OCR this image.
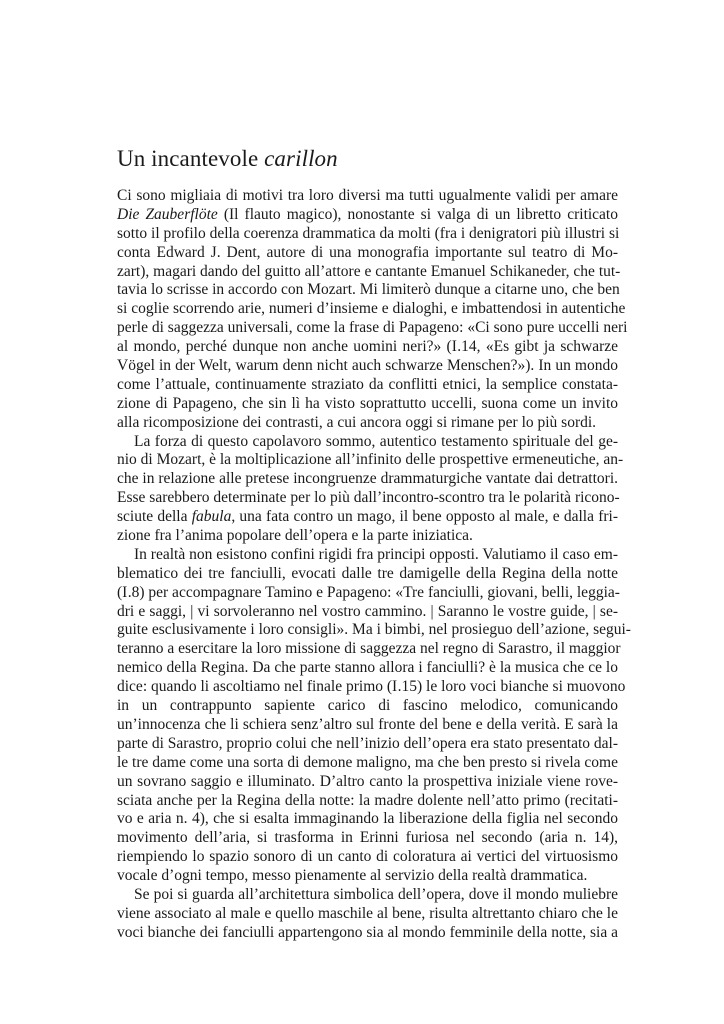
Un incantevole carillon
Ci sono migliaia di motivi tra loro diversi ma tutti ugualmente validi per amare
Die Zauberflöte (Il flauto magico), nonostante si valga di un libretto criticato
sotto il profilo della coerenza drammatica da molti (fra i denigratori più illustri si
conta Edward J. Dent, autore di una monografia importante sul teatro di Mo-
zart), magari dando del guitto all’attore e cantante Emanuel Schikaneder, che tut-
tavia lo scrisse in accordo con Mozart. Mi limiterò dunque a citarne uno, che ben
si coglie scorrendo arie, numeri d’insieme e dialoghi, e imbattendosi in autentiche
perle di saggezza universali, come la frase di Papageno: «Ci sono pure uccelli neri
al mondo, perché dunque non anche uomini neri?» (I.14, «Es gibt ja schwarze
Vögel in der Welt, warum denn nicht auch schwarze Menschen?»). In un mondo
come l’attuale, continuamente straziato da conflitti etnici, la semplice constata-
zione di Papageno, che sin lì ha visto soprattutto uccelli, suona come un invito
alla ricomposizione dei contrasti, a cui ancora oggi si rimane per lo più sordi.
La forza di questo capolavoro sommo, autentico testamento spirituale del ge-
nio di Mozart, è la moltiplicazione all’infinito delle prospettive ermeneutiche, an-
che in relazione alle pretese incongruenze drammaturgiche vantate dai detrattori.
Esse sarebbero determinate per lo più dall’incontro-scontro tra le polarità ricono-
sciute della fabula, una fata contro un mago, il bene opposto al male, e dalla fri-
zione fra l’anima popolare dell’opera e la parte iniziatica.
In realtà non esistono confini rigidi fra principi opposti. Valutiamo il caso em-
blematico dei tre fanciulli, evocati dalle tre damigelle della Regina della notte
(I.8) per accompagnare Tamino e Papageno: «Tre fanciulli, giovani, belli, leggia-
dri e saggi, | vi sorvoleranno nel vostro cammino. | Saranno le vostre guide, | se-
guite esclusivamente i loro consigli». Ma i bimbi, nel prosieguo dell’azione, segui-
teranno a esercitare la loro missione di saggezza nel regno di Sarastro, il maggior
nemico della Regina. Da che parte stanno allora i fanciulli? è la musica che ce lo
dice: quando li ascoltiamo nel finale primo (I.15) le loro voci bianche si muovono
in un contrappunto sapiente carico di fascino melodico, comunicando
un’innocenza che li schiera senz’altro sul fronte del bene e della verità. E sarà la
parte di Sarastro, proprio colui che nell’inizio dell’opera era stato presentato dal-
le tre dame come una sorta di demone maligno, ma che ben presto si rivela come
un sovrano saggio e illuminato. D’altro canto la prospettiva iniziale viene rove-
sciata anche per la Regina della notte: la madre dolente nell’atto primo (recitati-
vo e aria n. 4), che si esalta immaginando la liberazione della figlia nel secondo
movimento dell’aria, si trasforma in Erinni furiosa nel secondo (aria n. 14),
riempiendo lo spazio sonoro di un canto di coloratura ai vertici del virtuosismo
vocale d’ogni tempo, messo pienamente al servizio della realtà drammatica.
Se poi si guarda all’architettura simbolica dell’opera, dove il mondo muliebre
viene associato al male e quello maschile al bene, risulta altrettanto chiaro che le
voci bianche dei fanciulli appartengono sia al mondo femminile della notte, sia a
